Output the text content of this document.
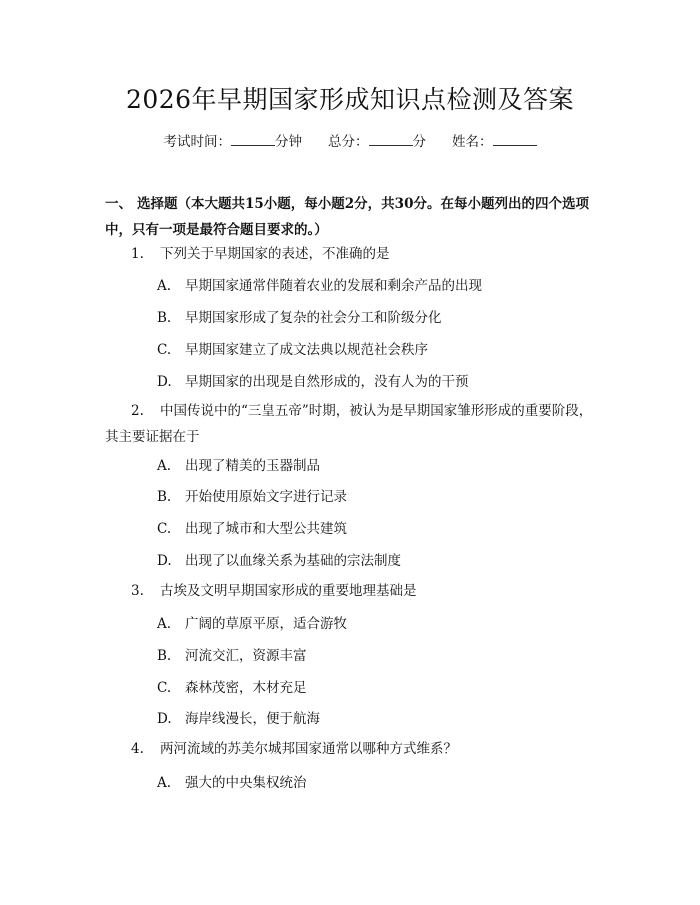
2026年早期国家形成知识点检测及答案
考试时间：	分钟 总分：	分 姓名：
一、 选择题（本大题共15小题，每小题2分，共30分。在每小题列出的四个选项中，只有一项是最符合题目要求的。）
1. 下列关于早期国家的表述，不准确的是
A. 早期国家通常伴随着农业的发展和剩余产品的出现
B. 早期国家形成了复杂的社会分工和阶级分化
C. 早期国家建立了成文法典以规范社会秩序
D. 早期国家的出现是自然形成的，没有人为的干预
2. 中国传说中的“三皇五帝”时期，被认为是早期国家雏形形成的重要阶段，其主要证据在于
A. 出现了精美的玉器制品
B. 开始使用原始文字进行记录
C. 出现了城市和大型公共建筑
D. 出现了以血缘关系为基础的宗法制度
3. 古埃及文明早期国家形成的重要地理基础是
A. 广阔的草原平原，适合游牧
B. 河流交汇，资源丰富
C. 森林茂密，木材充足
D. 海岸线漫长，便于航海
4. 两河流域的苏美尔城邦国家通常以哪种方式维系？
A. 强大的中央集权统治
